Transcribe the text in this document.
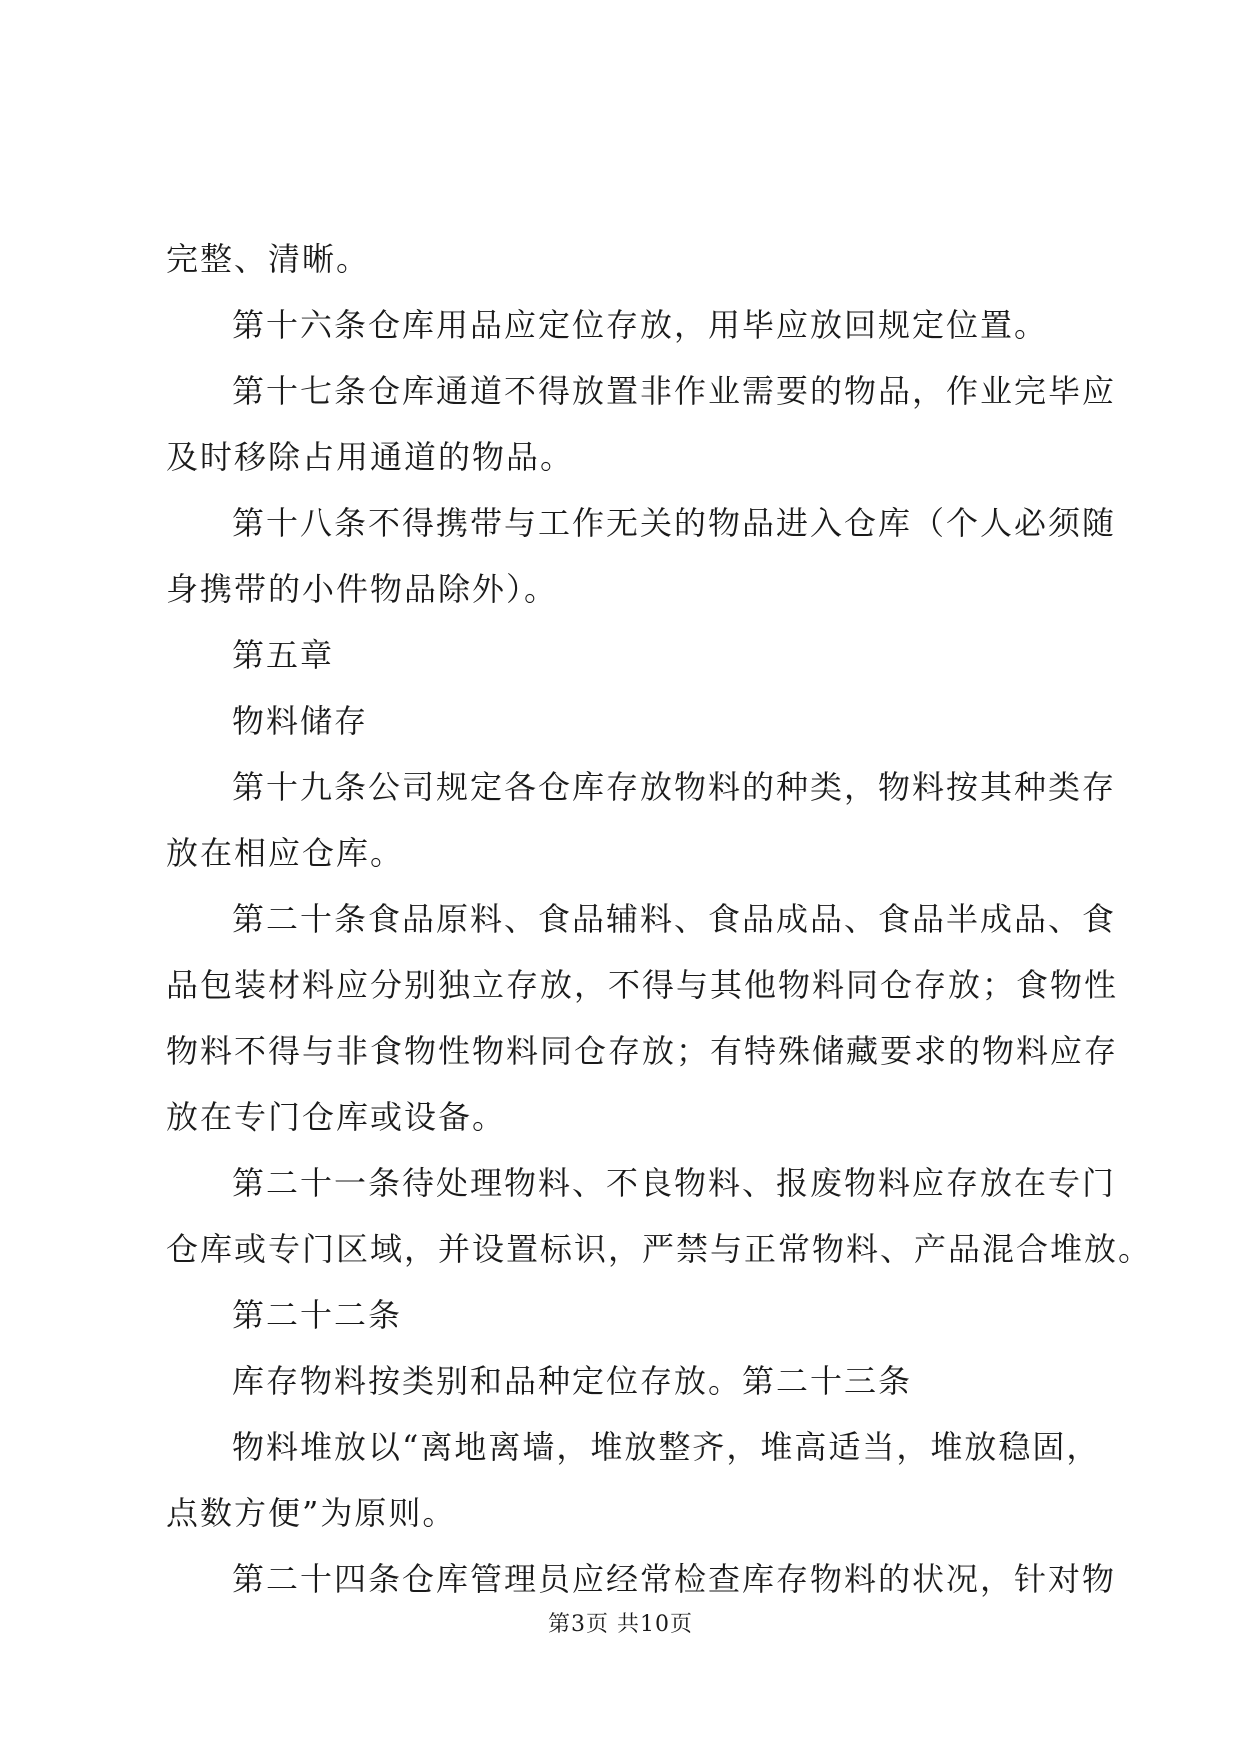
完整、清晰。
第十六条仓库用品应定位存放，用毕应放回规定位置。
第十七条仓库通道不得放置非作业需要的物品，作业完毕应
及时移除占用通道的物品。
第十八条不得携带与工作无关的物品进入仓库（个人必须随
身携带的小件物品除外）。
第五章
物料储存
第十九条公司规定各仓库存放物料的种类，物料按其种类存
放在相应仓库。
第二十条食品原料、食品辅料、食品成品、食品半成品、食
品包装材料应分别独立存放，不得与其他物料同仓存放；食物性
物料不得与非食物性物料同仓存放；有特殊储藏要求的物料应存
放在专门仓库或设备。
第二十一条待处理物料、不良物料、报废物料应存放在专门
仓库或专门区域，并设置标识，严禁与正常物料、产品混合堆放。
第二十二条
库存物料按类别和品种定位存放。第二十三条
物料堆放以“离地离墙，堆放整齐，堆高适当，堆放稳固，
点数方便”为原则。
第二十四条仓库管理员应经常检查库存物料的状况，针对物
第3页 共10页
